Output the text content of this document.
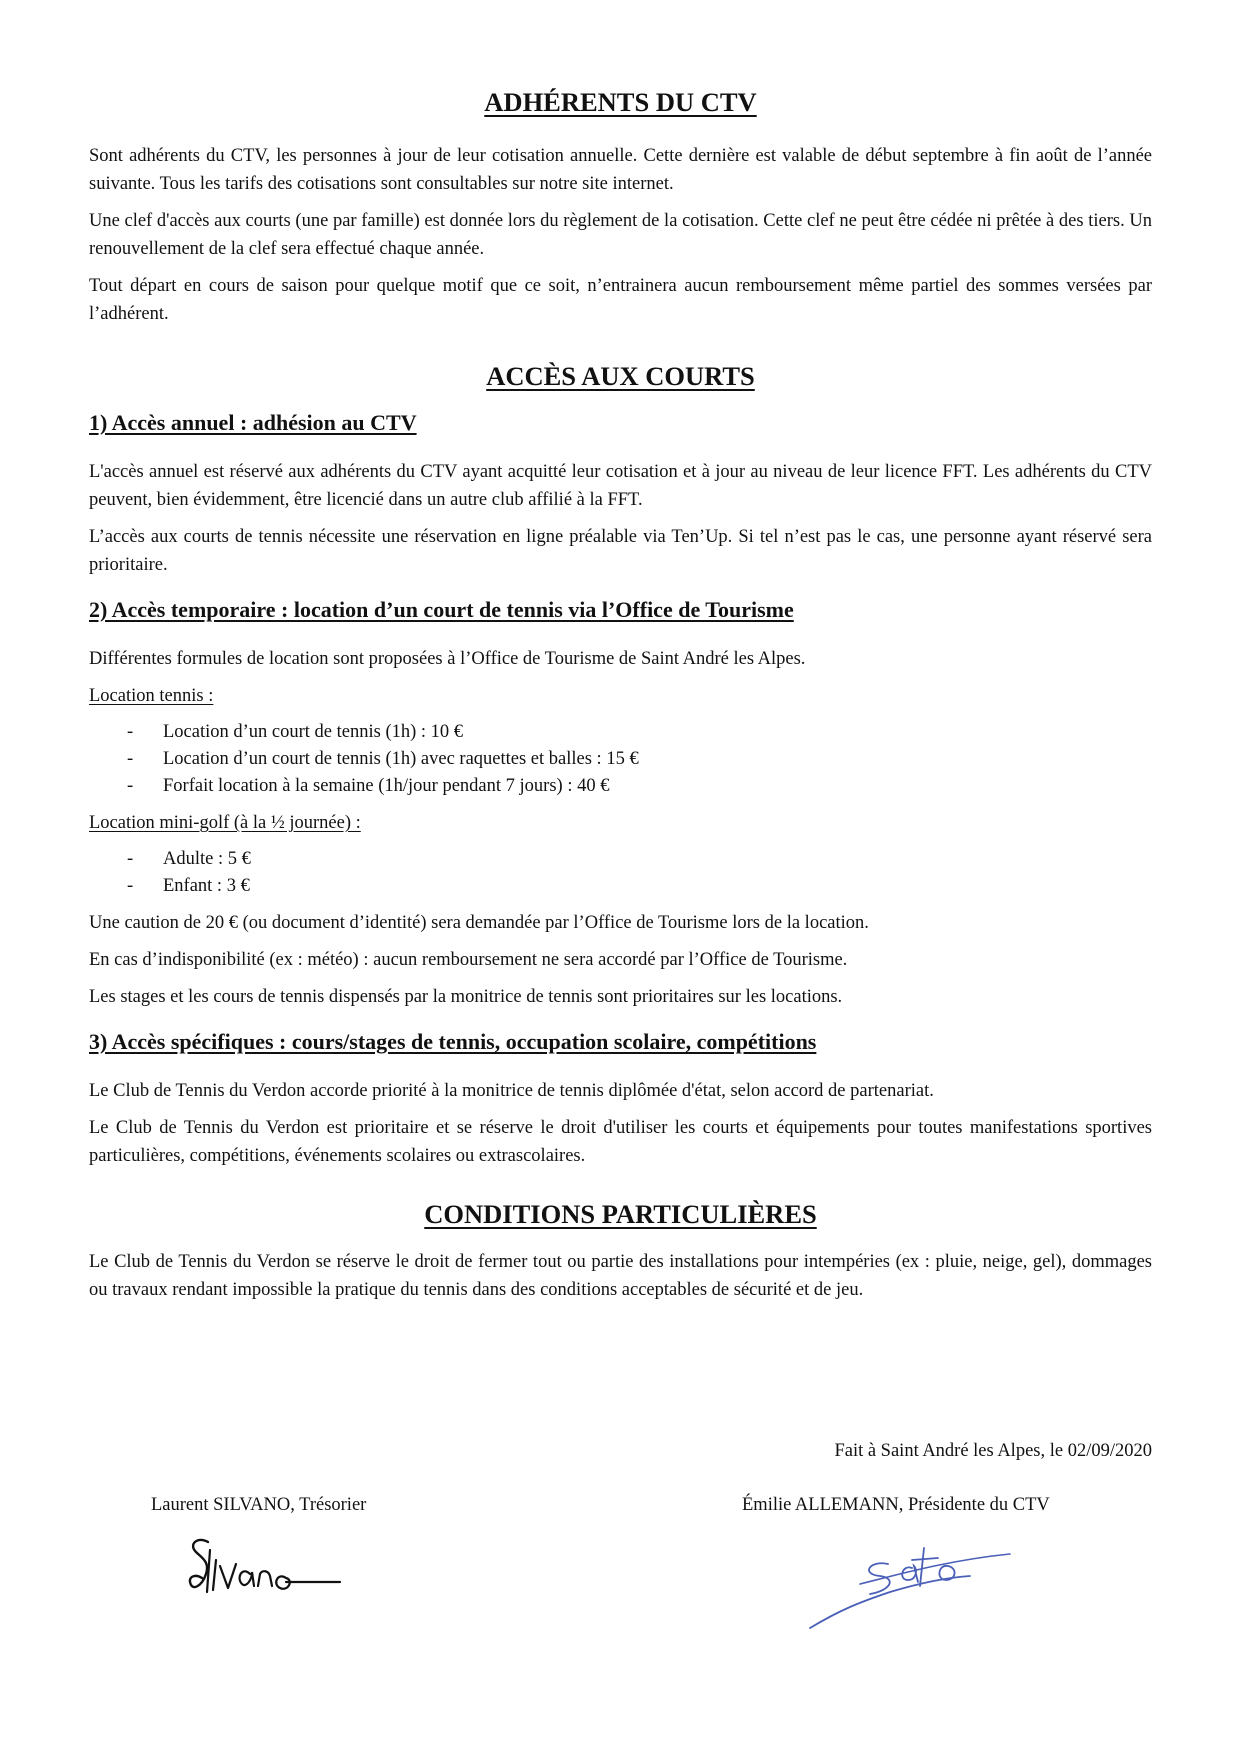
ADHÉRENTS DU CTV

Sont adhérents du CTV, les personnes à jour de leur cotisation annuelle. Cette dernière est valable de début septembre à fin août de l’année suivante. Tous les tarifs des cotisations sont consultables sur notre site internet.

Une clef d'accès aux courts (une par famille) est donnée lors du règlement de la cotisation. Cette clef ne peut être cédée ni prêtée à des tiers. Un renouvellement de la clef sera effectué chaque année.

Tout départ en cours de saison pour quelque motif que ce soit, n’entrainera aucun remboursement même partiel des sommes versées par l’adhérent.

ACCÈS AUX COURTS
1) Accès annuel : adhésion au CTV

L'accès annuel est réservé aux adhérents du CTV ayant acquitté leur cotisation et à jour au niveau de leur licence FFT. Les adhérents du CTV peuvent, bien évidemment, être licencié dans un autre club affilié à la FFT.

L’accès aux courts de tennis nécessite une réservation en ligne préalable via Ten’Up. Si tel n’est pas le cas, une personne ayant réservé sera prioritaire.

2) Accès temporaire : location d’un court de tennis via l’Office de Tourisme

Différentes formules de location sont proposées à l’Office de Tourisme de Saint André les Alpes.

Location tennis :

- Location d’un court de tennis (1h) : 10 €
- Location d’un court de tennis (1h) avec raquettes et balles : 15 €
- Forfait location à la semaine (1h/jour pendant 7 jours) : 40 €

Location mini-golf (à la ½ journée) :

- Adulte : 5 €
- Enfant : 3 €

Une caution de 20 € (ou document d’identité) sera demandée par l’Office de Tourisme lors de la location.

En cas d’indisponibilité (ex : météo) : aucun remboursement ne sera accordé par l’Office de Tourisme.

Les stages et les cours de tennis dispensés par la monitrice de tennis sont prioritaires sur les locations.

3) Accès spécifiques : cours/stages de tennis, occupation scolaire, compétitions

Le Club de Tennis du Verdon accorde priorité à la monitrice de tennis diplômée d'état, selon accord de partenariat.

Le Club de Tennis du Verdon est prioritaire et se réserve le droit d'utiliser les courts et équipements pour toutes manifestations sportives particulières, compétitions, événements scolaires ou extrascolaires.

CONDITIONS PARTICULIÈRES

Le Club de Tennis du Verdon se réserve le droit de fermer tout ou partie des installations pour intempéries (ex : pluie, neige, gel), dommages ou travaux rendant impossible la pratique du tennis dans des conditions acceptables de sécurité et de jeu.

Fait à Saint André les Alpes, le 02/09/2020
Laurent SILVANO, Trésorier	Émilie ALLEMANN, Présidente du CTV
